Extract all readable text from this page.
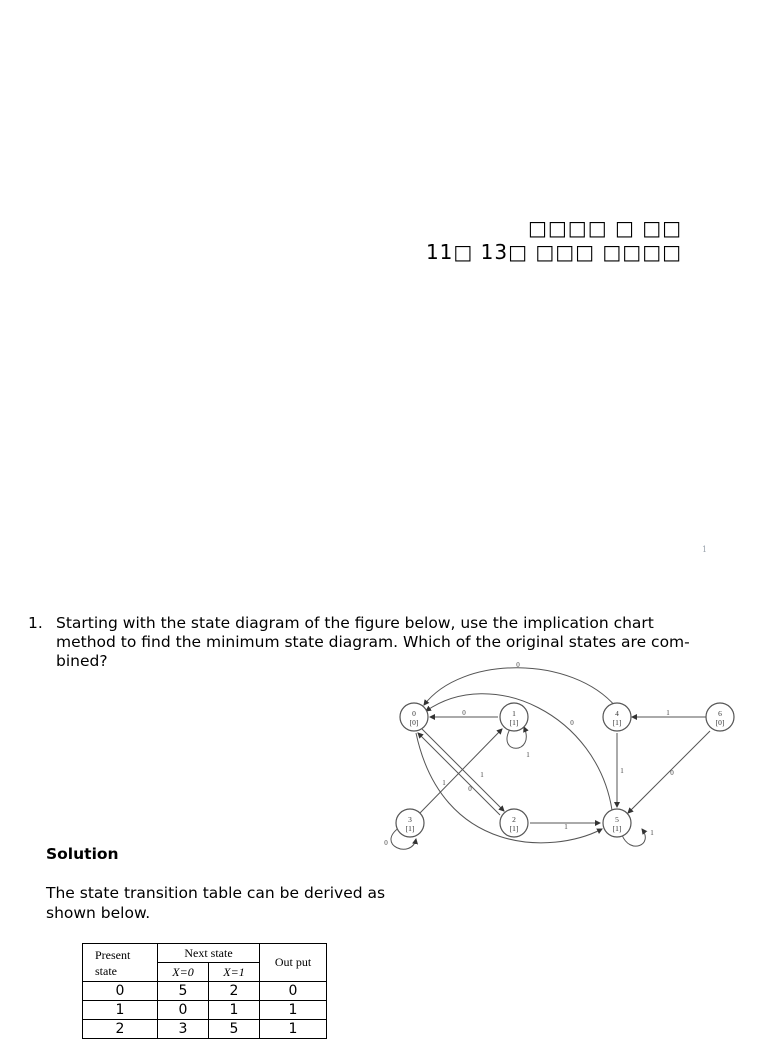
□□□□ □ □□
11□ 13□ □□□ □□□□
1
1. Starting with the state diagram of the figure below, use the implication chart method to find the minimum state diagram. Which of the original states are com- bined?
0
[0]
1
[1]
2
[1]
3
[1]
4
[1]
5
[1]
6
[0]
0
0
0
1
1
0
1
1
1
0
1
0
1
Solution
The state transition table can be derived as shown below.
Present
state	Next state		Out put
	X=0	X=1	
0	5	2	0
1	0	1	1
2	3	5	1
